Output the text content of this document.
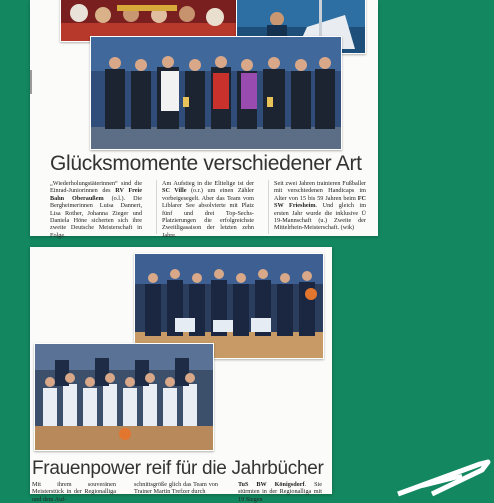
Glücksmomente verschiedener Art
„Wiederholungstäterinnen“ sind die Einrad-Juniorinnen des RV Freie Bahn Oberaußem (o.l.). Die Bergheimerinnen Luisa Dannert, Lisa Rother, Johanna Zieger und Daniela Höne sicherten sich ihre zweite Deutsche Meisterschaft in Folge.
Am Aufstieg in die Elitelige ist der SC Ville (o.r.) um einen Zähler vorbeigesegelt. Aber das Team vom Liblarer See absolvierte mit Platz fünf und drei Top-Sechs-Platzierungen die erfolgreichste Zweitligasaison der letzten zehn Jahre.
Seit zwei Jahren trainieren Fußballer mit verschiedenen Handicaps im Alter von 15 bis 59 Jahren beim FC SW Friesheim. Und gleich im ersten Jahr wurde die inklusive Ü 19-Mannschaft (u.) Zweite der Mittelrhein-Meisterschaft. (wik)
Frauenpower reif für die Jahrbücher
Mit ihrem souveränen Meisterstück in der Regionalliga und dem Auf-
schnittsgröße glich das Team von Trainer Martin Trefzer durch
TuS BW Königsdorf. Sie stürmten in der Regionalliga mit 19 Siegen
